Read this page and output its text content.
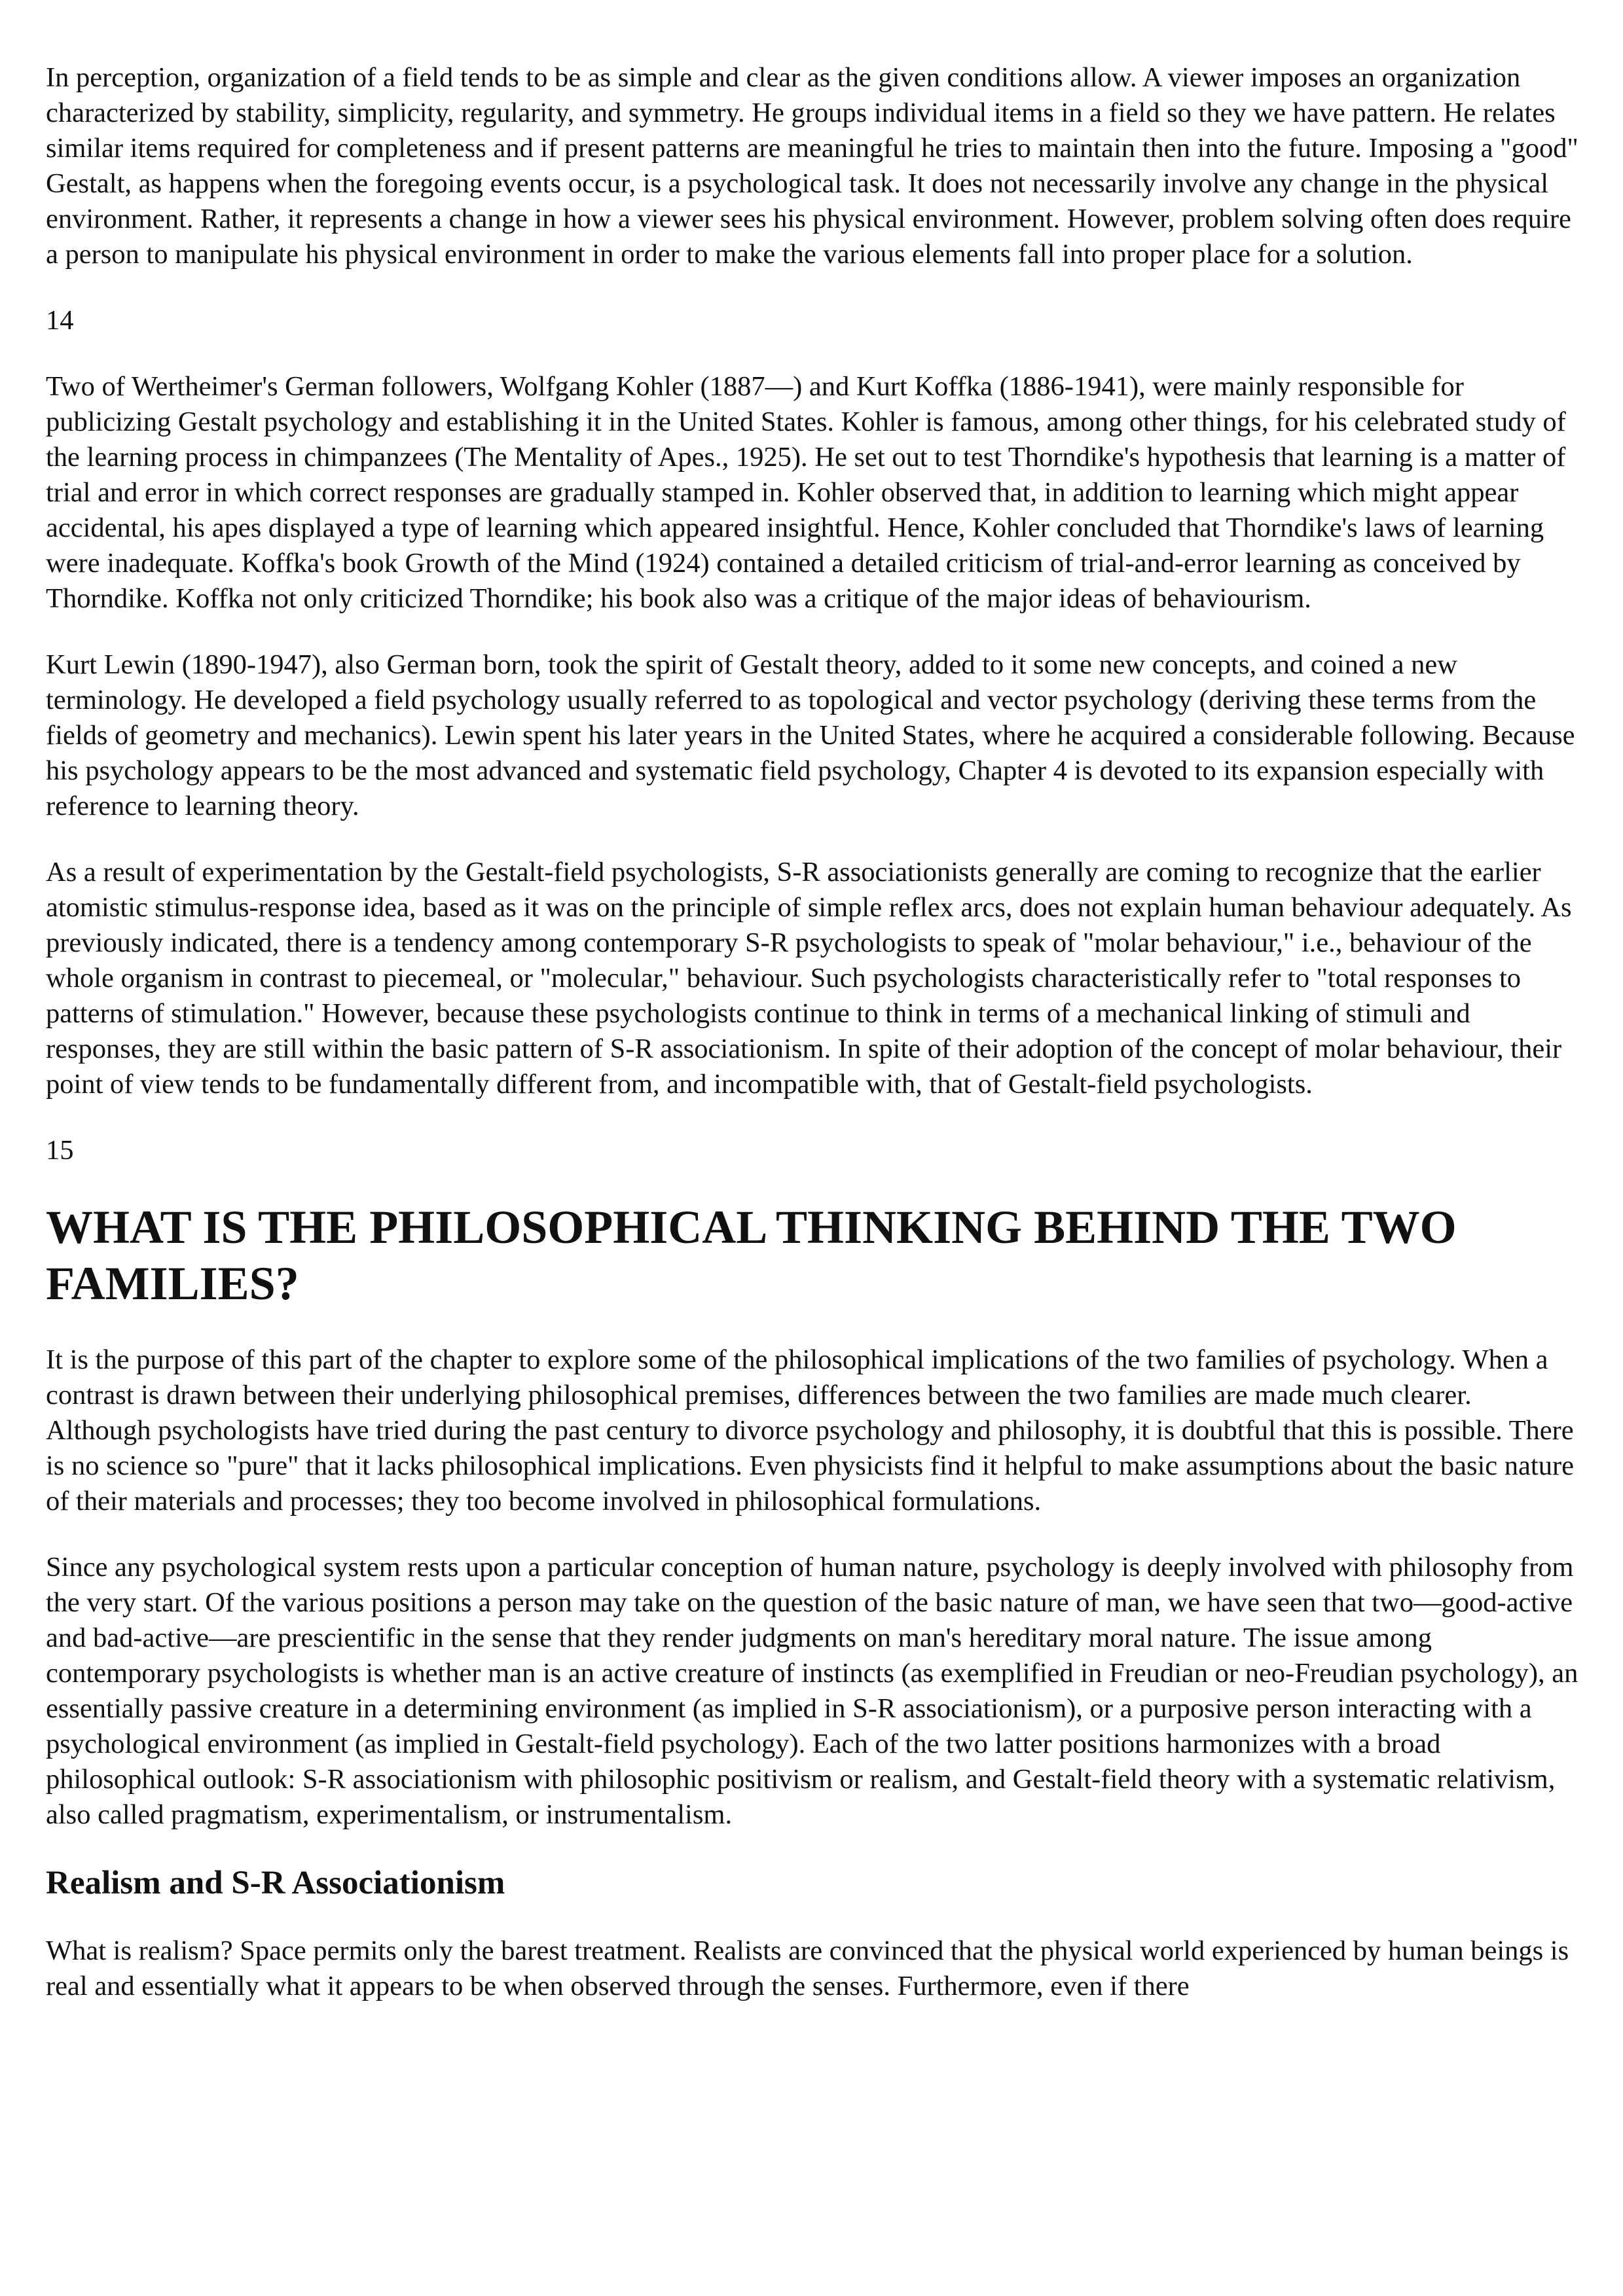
In perception, organization of a field tends to be as simple and clear as the given conditions allow. A viewer imposes an organization characterized by stability, simplicity, regularity, and symmetry. He groups individual items in a field so they we have pattern. He relates similar items required for completeness and if present patterns are meaningful he tries to maintain then into the future. Imposing a "good" Gestalt, as happens when the foregoing events occur, is a psychological task. It does not necessarily involve any change in the physical environment. Rather, it represents a change in how a viewer sees his physical environment. However, problem solving often does require a person to manipulate his physical environment in order to make the various elements fall into proper place for a solution.

14

Two of Wertheimer's German followers, Wolfgang Kohler (1887—) and Kurt Koffka (1886-1941), were mainly responsible for publicizing Gestalt psychology and establishing it in the United States. Kohler is famous, among other things, for his celebrated study of the learning process in chimpanzees (The Mentality of Apes., 1925). He set out to test Thorndike's hypothesis that learning is a matter of trial and error in which correct responses are gradually stamped in. Kohler observed that, in addition to learning which might appear accidental, his apes displayed a type of learning which appeared insightful. Hence, Kohler concluded that Thorndike's laws of learning were inadequate. Koffka's book Growth of the Mind (1924) contained a detailed criticism of trial-and-error learning as conceived by Thorndike. Koffka not only criticized Thorndike; his book also was a critique of the major ideas of behaviourism.

Kurt Lewin (1890-1947), also German born, took the spirit of Gestalt theory, added to it some new concepts, and coined a new terminology. He developed a field psychology usually referred to as topological and vector psychology (deriving these terms from the fields of geometry and mechanics). Lewin spent his later years in the United States, where he acquired a considerable following. Because his psychology appears to be the most advanced and systematic field psychology, Chapter 4 is devoted to its expansion especially with reference to learning theory.

As a result of experimentation by the Gestalt-field psychologists, S-R associationists generally are coming to recognize that the earlier atomistic stimulus-response idea, based as it was on the principle of simple reflex arcs, does not explain human behaviour adequately. As previously indicated, there is a tendency among contemporary S-R psychologists to speak of "molar behaviour," i.e., behaviour of the whole organism in contrast to piecemeal, or "molecular," behaviour. Such psychologists characteristically refer to "total responses to patterns of stimulation." However, because these psychologists continue to think in terms of a mechanical linking of stimuli and responses, they are still within the basic pattern of S-R associationism. In spite of their adoption of the concept of molar behaviour, their point of view tends to be fundamentally different from, and incompatible with, that of Gestalt-field psychologists.

15
WHAT IS THE PHILOSOPHICAL THINKING BEHIND THE TWO FAMILIES?

It is the purpose of this part of the chapter to explore some of the philosophical implications of the two families of psychology. When a contrast is drawn between their underlying philosophical premises, differences between the two families are made much clearer. Although psychologists have tried during the past century to divorce psychology and philosophy, it is doubtful that this is possible. There is no science so "pure" that it lacks philosophical implications. Even physicists find it helpful to make assumptions about the basic nature of their materials and processes; they too become involved in philosophical formulations.

Since any psychological system rests upon a particular conception of human nature, psychology is deeply involved with philosophy from the very start. Of the various positions a person may take on the question of the basic nature of man, we have seen that two—good-active and bad-active—are prescientific in the sense that they render judgments on man's hereditary moral nature. The issue among contemporary psychologists is whether man is an active creature of instincts (as exemplified in Freudian or neo-Freudian psychology), an essentially passive creature in a determining environment (as implied in S-R associationism), or a purposive person interacting with a psychological environment (as implied in Gestalt-field psychology). Each of the two latter positions harmonizes with a broad philosophical outlook: S-R associationism with philosophic positivism or realism, and Gestalt-field theory with a systematic relativism, also called pragmatism, experimentalism, or instrumentalism.

Realism and S-R Associationism

What is realism? Space permits only the barest treatment. Realists are convinced that the physical world experienced by human beings is real and essentially what it appears to be when observed through the senses. Furthermore, even if there
